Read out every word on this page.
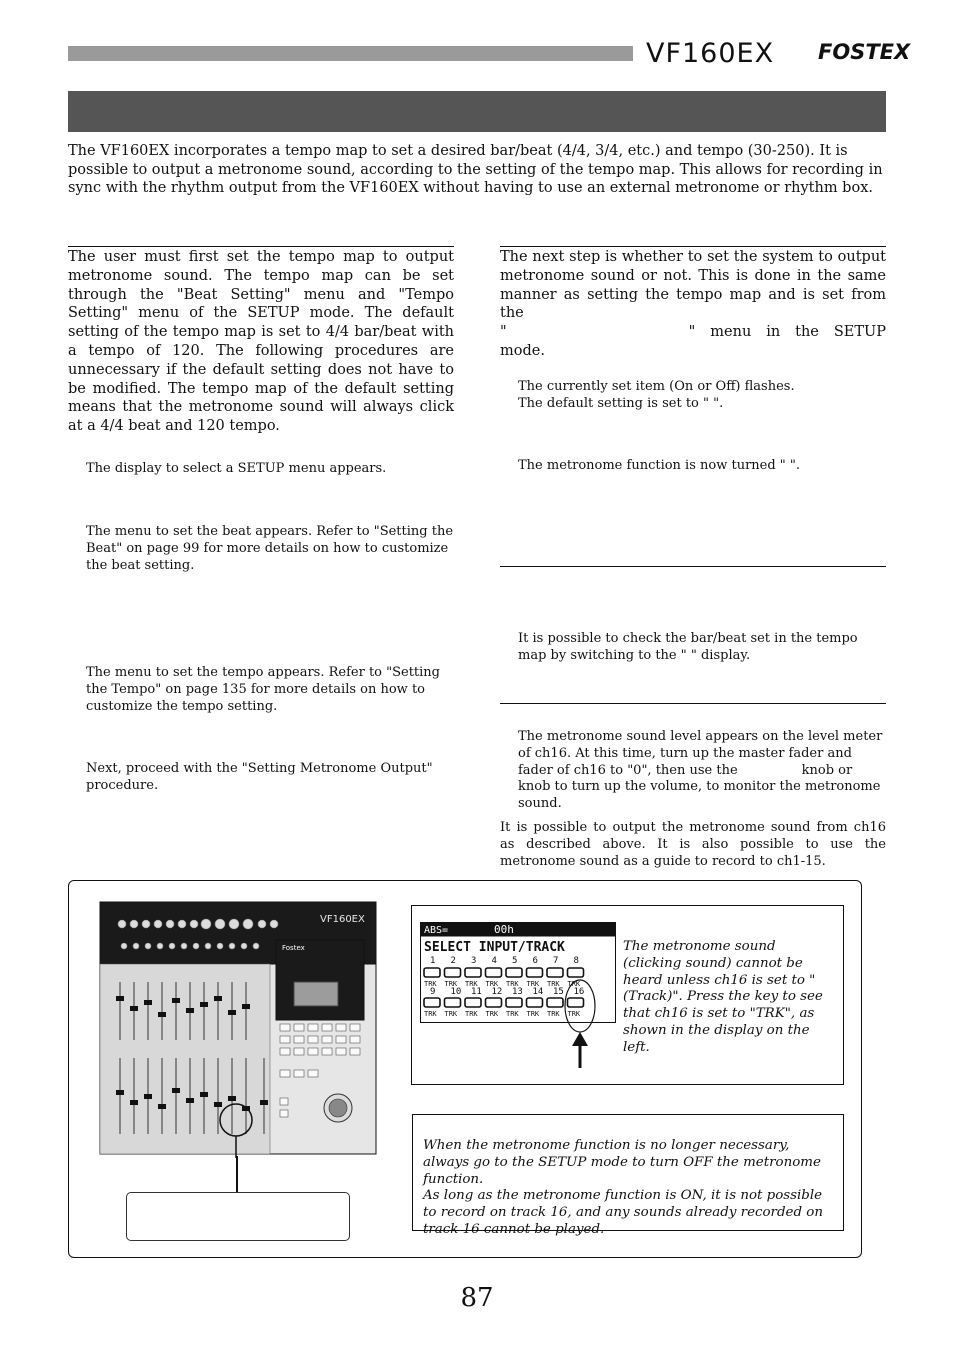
VF160EX FOSTEX
The VF160EX incorporates a tempo map to set a desired bar/beat (4/4, 3/4, etc.) and tempo (30-250). It is possible to output a metronome sound, according to the setting of the tempo map. This allows for recording in sync with the rhythm output from the VF160EX without having to use an external metronome or rhythm box.
The user must first set the tempo map to output metronome sound. The tempo map can be set through the "Beat Setting" menu and "Tempo Setting" menu of the SETUP mode. The default setting of the tempo map is set to 4/4 bar/beat with a tempo of 120. The following procedures are unnecessary if the default setting does not have to be modified. The tempo map of the default setting means that the metronome sound will always click at a 4/4 beat and 120 tempo.
The display to select a SETUP menu appears.
The menu to set the beat appears. Refer to "Setting the Beat" on page 99 for more details on how to customize the beat setting.
The menu to set the tempo appears. Refer to "Setting the Tempo" on page 135 for more details on how to customize the tempo setting.
Next, proceed with the "Setting Metronome Output" procedure.
The next step is whether to set the system to output metronome sound or not. This is done in the same manner as setting the tempo map and is set from the
"	" menu in the SETUP mode.
The currently set item (On or Off) flashes.
The default setting is set to " ".
The metronome function is now turned " ".
It is possible to check the bar/beat set in the tempo map by switching to the " " display.
The metronome sound level appears on the level meter of ch16. At this time, turn up the master fader and fader of ch16 to "0", then use the	knob or
knob to turn up the volume, to monitor the metronome sound.
It is possible to output the metronome sound from ch16 as described above. It is also possible to use the metronome sound as a guide to record to ch1-15.
VF160EX
Fostex
ABS=	00h
SELECT INPUT/TRACK
1
TRK
2
TRK
3
TRK
4
TRK
5
TRK
6
TRK
7
TRK
8
TRK
9
TRK
10
TRK
11
TRK
12
TRK
13
TRK
14
TRK
15
TRK
16
TRK
The metronome sound (clicking sound) cannot be heard unless ch16 is set to " (Track)". Press the key to see that ch16 is set to "TRK", as shown in the display on the left.
When the metronome function is no longer necessary, always go to the SETUP mode to turn OFF the metronome function.
As long as the metronome function is ON, it is not possible to record on track 16, and any sounds already recorded on track 16 cannot be played.
87
